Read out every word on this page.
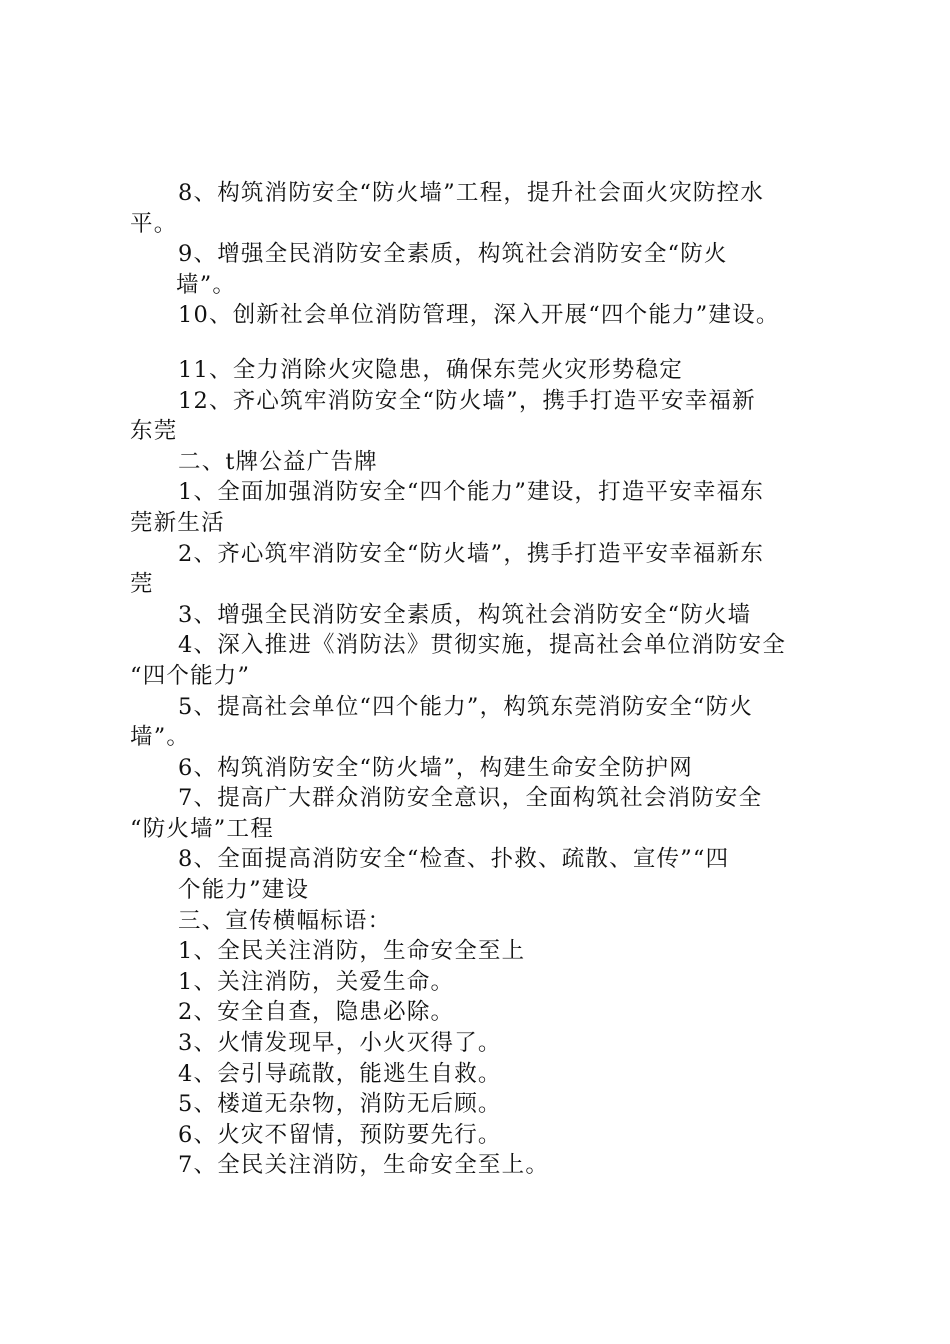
8、构筑消防安全“防火墙”工程，提升社会面火灾防控水
平。
9、增强全民消防安全素质，构筑社会消防安全“防火
墙”。
10、创新社会单位消防管理，深入开展“四个能力”建设。
11、全力消除火灾隐患，确保东莞火灾形势稳定
12、齐心筑牢消防安全“防火墙”，携手打造平安幸福新
东莞
二、t牌公益广告牌
1、全面加强消防安全“四个能力”建设，打造平安幸福东
莞新生活
2、齐心筑牢消防安全“防火墙”，携手打造平安幸福新东
莞
3、增强全民消防安全素质，构筑社会消防安全“防火墙
4、深入推进《消防法》贯彻实施，提高社会单位消防安全
“四个能力”
5、提高社会单位“四个能力”，构筑东莞消防安全“防火
墙”。
6、构筑消防安全“防火墙”，构建生命安全防护网
7、提高广大群众消防安全意识，全面构筑社会消防安全
“防火墙”工程
8、全面提高消防安全“检查、扑救、疏散、宣传”“四
个能力”建设
三、宣传横幅标语：
1、全民关注消防，生命安全至上
1、关注消防，关爱生命。
2、安全自查，隐患必除。
3、火情发现早，小火灭得了。
4、会引导疏散，能逃生自救。
5、楼道无杂物，消防无后顾。
6、火灾不留情，预防要先行。
7、全民关注消防，生命安全至上。
